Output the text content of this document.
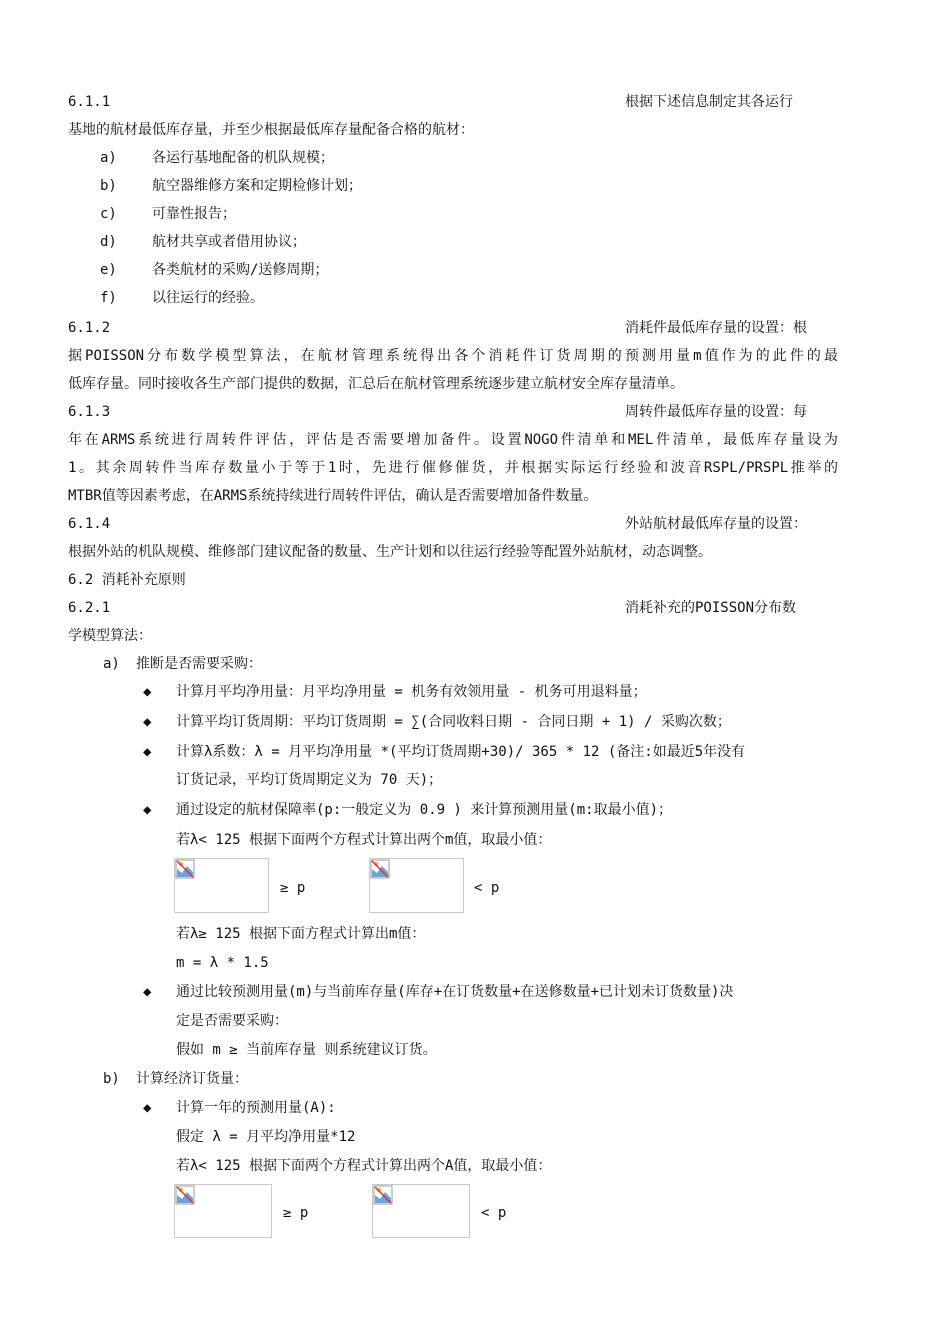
6.1.1	根据下述信息制定其各运行
基地的航材最低库存量，并至少根据最低库存量配备合格的航材：
a)	各运行基地配备的机队规模；
b)	航空器维修方案和定期检修计划；
c)	可靠性报告；
d)	航材共享或者借用协议；
e)	各类航材的采购/送修周期；
f)	以往运行的经验。
6.1.2	消耗件最低库存量的设置：根
据POISSON分布数学模型算法，在航材管理系统得出各个消耗件订货周期的预测用量m值作为的此件的最
低库存量。同时接收各生产部门提供的数据，汇总后在航材管理系统逐步建立航材安全库存量清单。
6.1.3	周转件最低库存量的设置：每
年在ARMS系统进行周转件评估，评估是否需要增加备件。设置NOGO件清单和MEL件清单，最低库存量设为
1。其余周转件当库存数量小于等于1时，先进行催修催货，并根据实际运行经验和波音RSPL/PRSPL推举的
MTBR值等因素考虑，在ARMS系统持续进行周转件评估，确认是否需要增加备件数量。
6.1.4	外站航材最低库存量的设置：
根据外站的机队规模、维修部门建议配备的数量、生产计划和以往运行经验等配置外站航材，动态调整。
6.2 消耗补充原则
6.2.1	消耗补充的POISSON分布数
学模型算法：
a) 推断是否需要采购：
◆ 计算月平均净用量：月平均净用量 = 机务有效领用量 - 机务可用退料量；
◆ 计算平均订货周期：平均订货周期 = ∑(合同收料日期 - 合同日期 + 1) / 采购次数；
◆ 计算λ系数：λ = 月平均净用量 *(平均订货周期+30)/ 365 * 12 (备注:如最近5年没有
订货记录，平均订货周期定义为 70 天)；
◆ 通过设定的航材保障率(p:一般定义为 0.9 ) 来计算预测用量(m:取最小值)；
若λ< 125 根据下面两个方程式计算出两个m值，取最小值：
≥ p	< p
若λ≥ 125 根据下面方程式计算出m值：
m = λ * 1.5
◆ 通过比较预测用量(m)与当前库存量(库存+在订货数量+在送修数量+已计划未订货数量)决
定是否需要采购：
假如 m ≥ 当前库存量 则系统建议订货。
b) 计算经济订货量：
◆ 计算一年的预测用量(A):
假定 λ = 月平均净用量*12
若λ< 125 根据下面两个方程式计算出两个A值，取最小值：
≥ p	< p
